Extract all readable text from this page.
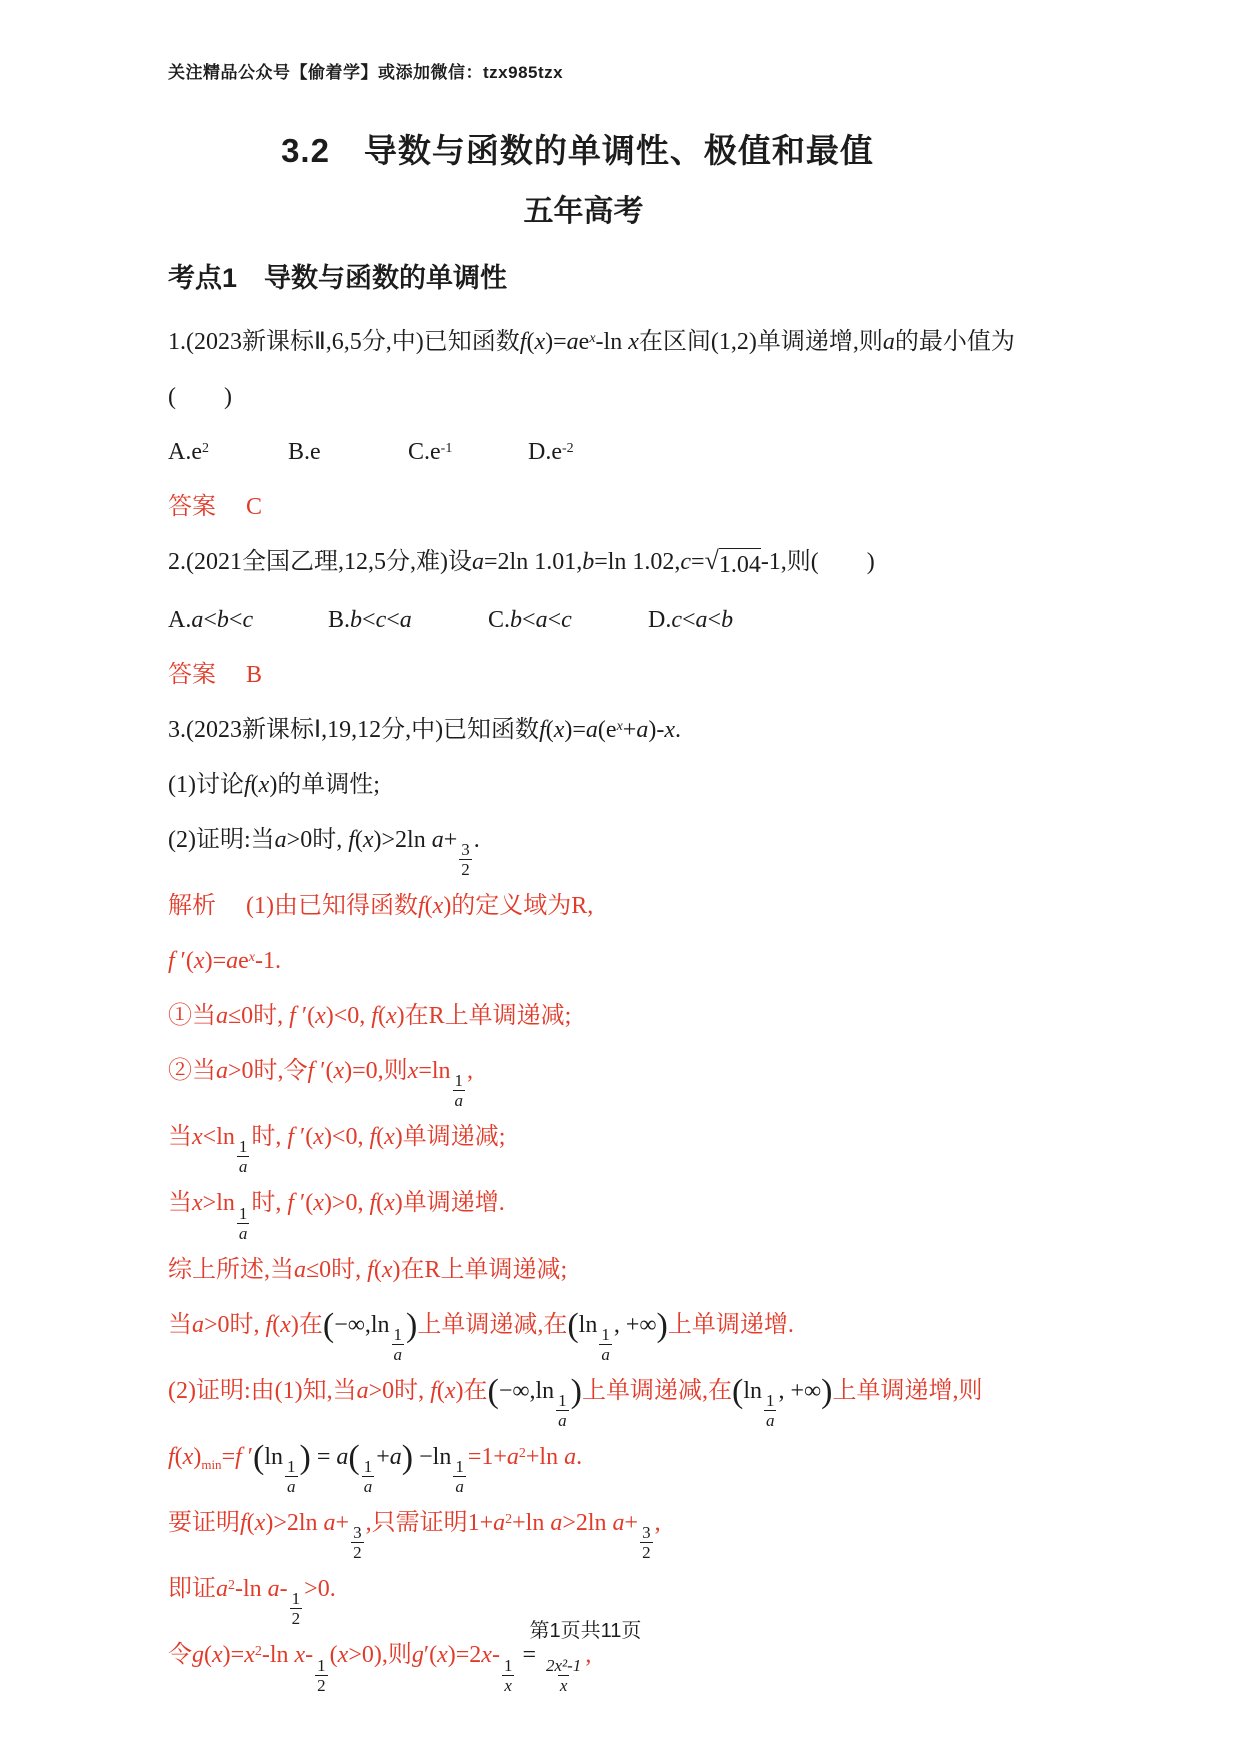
关注精品公众号【偷着学】或添加微信：tzx985tzx
3.2　导数与函数的单调性、极值和最值
五年高考
考点1　导数与函数的单调性
1.(2023新课标Ⅱ,6,5分,中)已知函数$f(x)=ae^x-\ln$ x在区间(1,2)单调递增,则a的最小值为
(　　)
$A.e^2$	B.e	$C.e^{-1}$	$D.e^{-2}$
答案 C
2.(2021全国乙理,12,5分,难)设a=2ln 1.01,b=ln 1.02,c= √ 1.04 -1,则(　　)
A.a<b<c	B.b<c<a	C.b<a<c	D.c<a<b
答案 B
3.(2023新课标Ⅰ,19,12分,中)已知函数$f(x)=a(e^x+a)-x$.
(1)讨论f(x)的单调性;
(2)证明:当a>0时, f(x)>2ln a+
$\frac{3}{2}$
.
解析 (1)由已知得函数f(x)的定义域为R,
f $'(x)=ae^x-1$.
①当a≤0时, f ′(x)<0, f(x)在R上单调递减;
②当a>0时,令f ′(x)=0,则x=ln
$\frac{1}{a}$
,
当x<ln
$\frac{1}{a}$
时, f ′(x)<0, f(x)单调递减;
当x>ln
$\frac{1}{a}$
时, f ′(x)>0, f(x)单调递增.
综上所述,当a≤0时, f(x)在R上单调递减;
当a>0时, f(x)在(−∞,ln
$\frac{1}{a}$ )上单调递减,在(ln
$\frac{1}{a}$
, +∞)上单调递增.
(2)证明:由(1)知,当a>0时, f(x)在(−∞,ln
$\frac{1}{a}$ )上单调递减,在(ln
$\frac{1}{a}$
, +∞)上单调递增,则
$f(x)_{min}=f$ ′(ln
$\frac{1}{a}$ ) = $a( \frac{1}{a}$
+a) −ln
$\frac{1}{a}$
$=1+a^2+\ln$ a.
要证明f(x)>2ln a+
$\frac{3}{2}$
,只需证明$1+a^2+\ln$ a>2ln a+
$\frac{3}{2}$
,
即证$a^2-\ln$ a-
$\frac{1}{2}$
>0.
令$g(x)=x^2-\ln$ x-
$\frac{1}{2}$
(x>0),则g′(x)=2x-
$\frac{1}{x}$
=
$\frac{\text{2x²-1}}{x}$
,
第1页共11页
